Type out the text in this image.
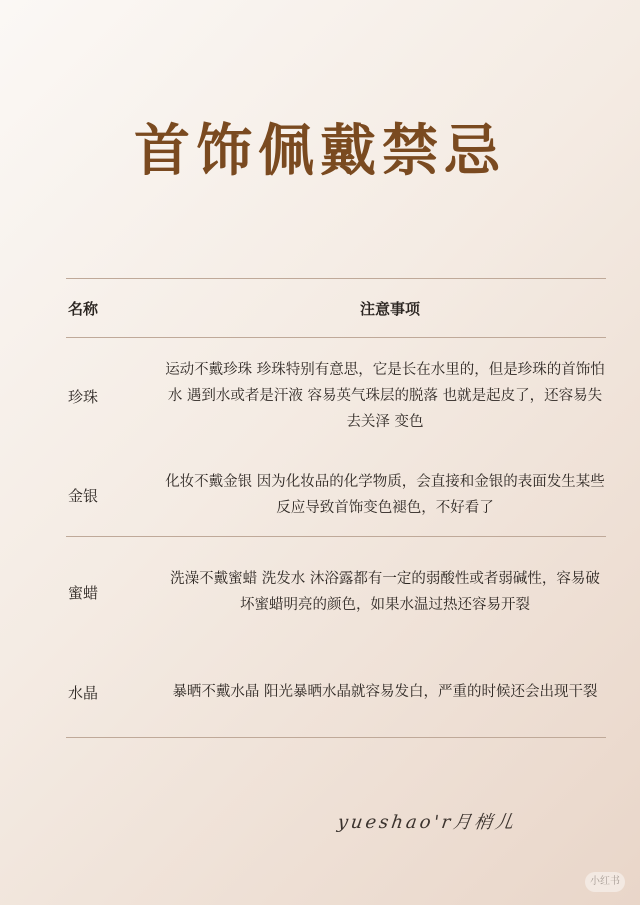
首饰佩戴禁忌
名称	注意事项
珍珠
运动不戴珍珠 珍珠特别有意思，它是长在水里的，但是珍珠的首饰怕水 遇到水或者是汗液 容易英气珠层的脱落 也就是起皮了，还容易失去关泽 变色
金银
化妆不戴金银 因为化妆品的化学物质，会直接和金银的表面发生某些反应导致首饰变色褪色，不好看了
蜜蜡
洗澡不戴蜜蜡 洗发水 沐浴露都有一定的弱酸性或者弱碱性，容易破坏蜜蜡明亮的颜色，如果水温过热还容易开裂
水晶	暴晒不戴水晶 阳光暴晒水晶就容易发白，严重的时候还会出现干裂
yueshao'r月梢儿
小红书
